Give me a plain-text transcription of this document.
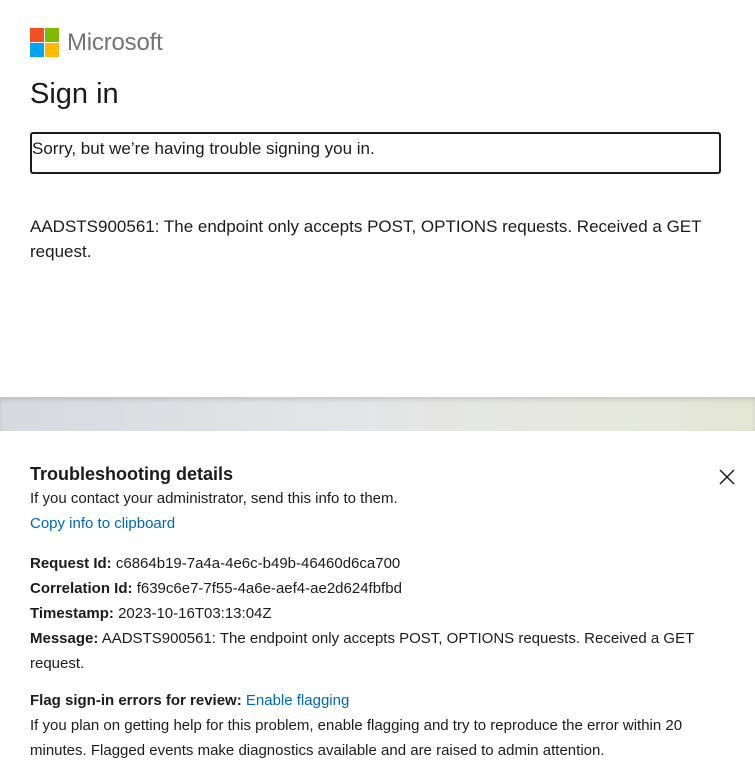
Microsoft
Sign in
Sorry, but we’re having trouble signing you in.

AADSTS900561: The endpoint only accepts POST, OPTIONS requests. Received a GET request.

Troubleshooting details
If you contact your administrator, send this info to them.
Copy info to clipboard

Request Id: c6864b19-7a4a-4e6c-b49b-46460d6ca700

Correlation Id: f639c6e7-7f55-4a6e-aef4-ae2d624fbfbd

Timestamp: 2023-10-16T03:13:04Z

Message: AADSTS900561: The endpoint only accepts POST, OPTIONS requests. Received a GET request.

Flag sign-in errors for review: Enable flagging

If you plan on getting help for this problem, enable flagging and try to reproduce the error within 20 minutes. Flagged events make diagnostics available and are raised to admin attention.
